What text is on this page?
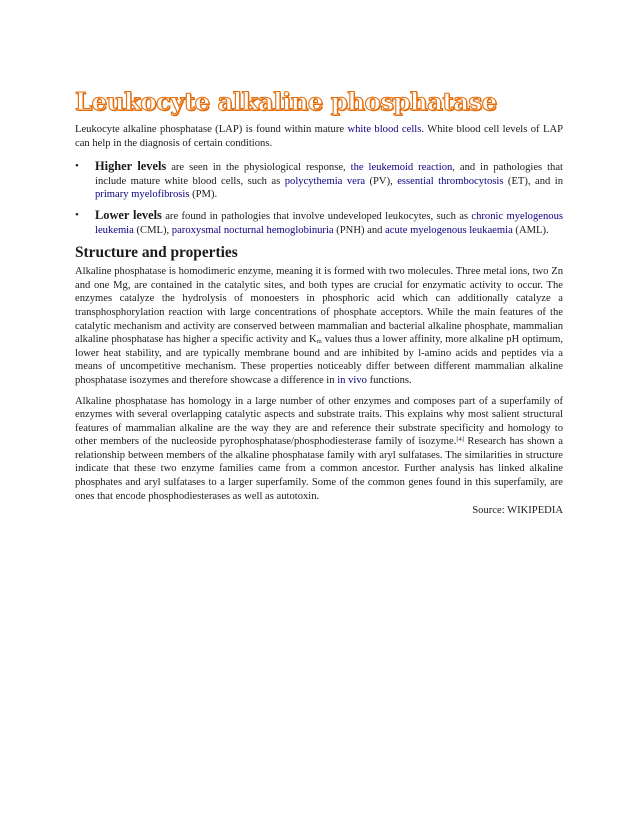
Leukocyte alkaline phosphatase

Leukocyte alkaline phosphatase (LAP) is found within mature white blood cells. White blood cell levels of LAP can help in the diagnosis of certain conditions.

• Higher levels are seen in the physiological response, the leukemoid reaction, and in pathologies that include mature white blood cells, such as polycythemia vera (PV), essential thrombocytosis (ET), and in primary myelofibrosis (PM).
• Lower levels are found in pathologies that involve undeveloped leukocytes, such as chronic myelogenous leukemia (CML), paroxysmal nocturnal hemoglobinuria (PNH) and acute myelogenous leukaemia (AML).
Structure and properties

Alkaline phosphatase is homodimeric enzyme, meaning it is formed with two molecules. Three metal ions, two Zn and one Mg, are contained in the catalytic sites, and both types are crucial for enzymatic activity to occur. The enzymes catalyze the hydrolysis of monoesters in phosphoric acid which can additionally catalyze a transphosphorylation reaction with large concentrations of phosphate acceptors. While the main features of the catalytic mechanism and activity are conserved between mammalian and bacterial alkaline phosphate, mammalian alkaline phosphatase has higher a specific activity and $K_m$ values thus a lower affinity, more alkaline pH optimum, lower heat stability, and are typically membrane bound and are inhibited by l-amino acids and peptides via a means of uncompetitive mechanism. These properties noticeably differ between different mammalian alkaline phosphatase isozymes and therefore showcase a difference in in vivo functions.

Alkaline phosphatase has homology in a large number of other enzymes and composes part of a superfamily of enzymes with several overlapping catalytic aspects and substrate traits. This explains why most salient structural features of mammalian alkaline are the way they are and reference their substrate specificity and homology to other members of the nucleoside pyrophosphatase/phosphodiesterase family of isozyme.[4] Research has shown a relationship between members of the alkaline phosphatase family with aryl sulfatases. The similarities in structure indicate that these two enzyme families came from a common ancestor. Further analysis has linked alkaline phosphates and aryl sulfatases to a larger superfamily. Some of the common genes found in this superfamily, are ones that encode phosphodiesterases as well as autotoxin.

Source: WIKIPEDIA
